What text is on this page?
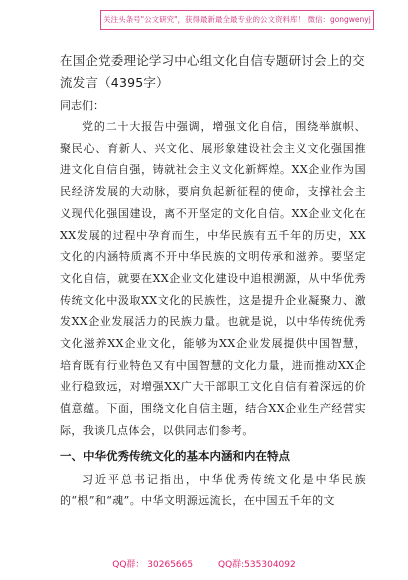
关注头条号"公文研究"，获得最新最全最专业的公文资料库！ 微信：gongwenyj
在国企党委理论学习中心组文化自信专题研讨会上的交流发言（4395字）
同志们：

党的二十大报告中强调，增强文化自信，围绕举旗帜、聚民心、育新人、兴文化、展形象建设社会主义文化强国推进文化自信自强，铸就社会主义文化新辉煌。XX企业作为国民经济发展的大动脉，要肩负起新征程的使命，支撑社会主义现代化强国建设，离不开坚定的文化自信。XX企业文化在XX发展的过程中孕育而生，中华民族有五千年的历史，XX文化的内涵特质离不开中华民族的文明传承和滋养。要坚定文化自信，就要在XX企业文化建设中追根溯源，从中华优秀传统文化中汲取XX文化的民族性，这是提升企业凝聚力、激发XX企业发展活力的民族力量。也就是说，以中华传统优秀文化滋养XX企业文化，能够为XX企业发展提供中国智慧，培育既有行业特色又有中国智慧的文化力量，进而推动XX企业行稳致远，对增强XX广大干部职工文化自信有着深远的价值意蕴。下面，围绕文化自信主题，结合XX企业生产经营实际，我谈几点体会，以供同志们参考。

一、中华优秀传统文化的基本内涵和内在特点

习近平总书记指出，中华优秀传统文化是中华民族的“根”和“魂”。中华文明源远流长，在中国五千年的文

QQ群： 30265665	QQ群:535304092
